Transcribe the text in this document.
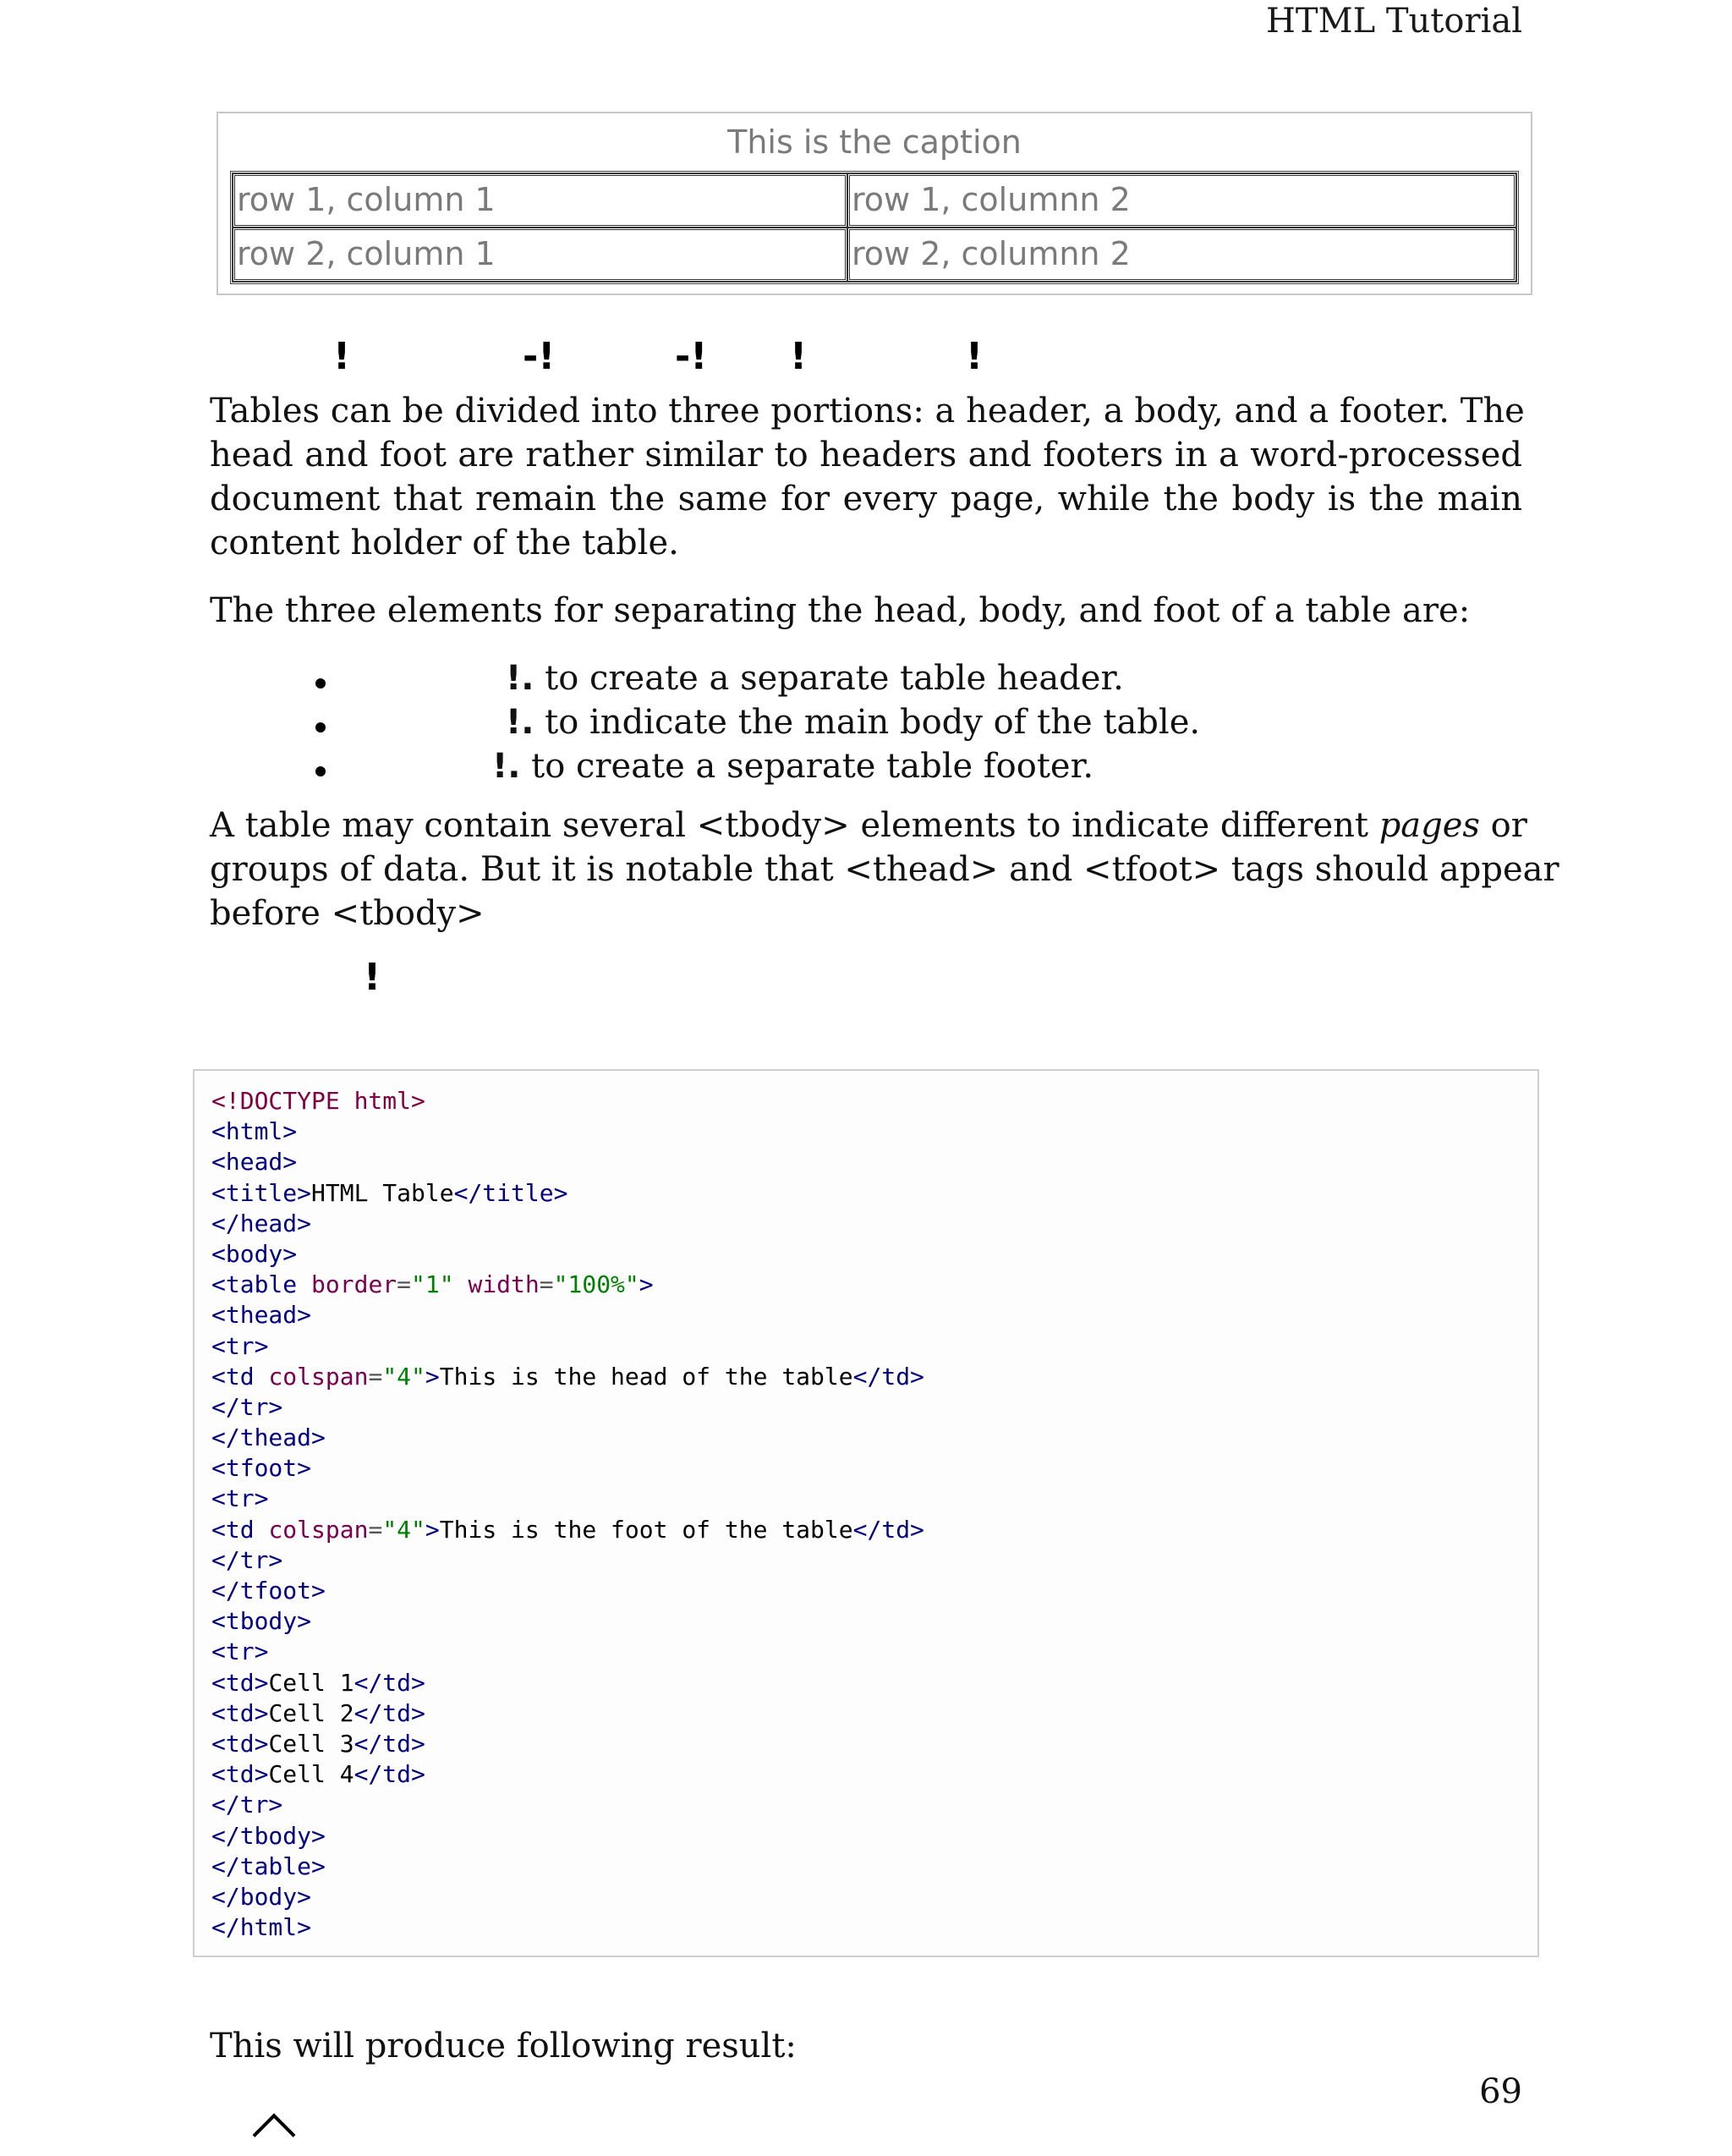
HTML Tutorial
This is the caption
row 1, column 1	row 1, columnn 2
row 2, column 1	row 2, columnn 2
!	-!	-! !	!
Tables can be divided into three portions: a header, a body, and a footer. The
head and foot are rather similar to headers and footers in a word-processed
document that remain the same for every page, while the body is the main
content holder of the table.
The three elements for separating the head, body, and foot of a table are:
!. to create a separate table header.
!. to indicate the main body of the table.
!. to create a separate table footer.
A table may contain several <tbody> elements to indicate different pages or
groups of data. But it is notable that <thead> and <tfoot> tags should appear
before <tbody>
!
<!DOCTYPE html>
<html>
<head>
<title>HTML Table</title>
</head>
<body>
<table border="1" width="100%">
<thead>
<tr>
<td colspan="4">This is the head of the table</td>
</tr>
</thead>
<tfoot>
<tr>
<td colspan="4">This is the foot of the table</td>
</tr>
</tfoot>
<tbody>
<tr>
<td>Cell 1</td>
<td>Cell 2</td>
<td>Cell 3</td>
<td>Cell 4</td>
</tr>
</tbody>
</table>
</body>
</html>
This will produce following result:
69
